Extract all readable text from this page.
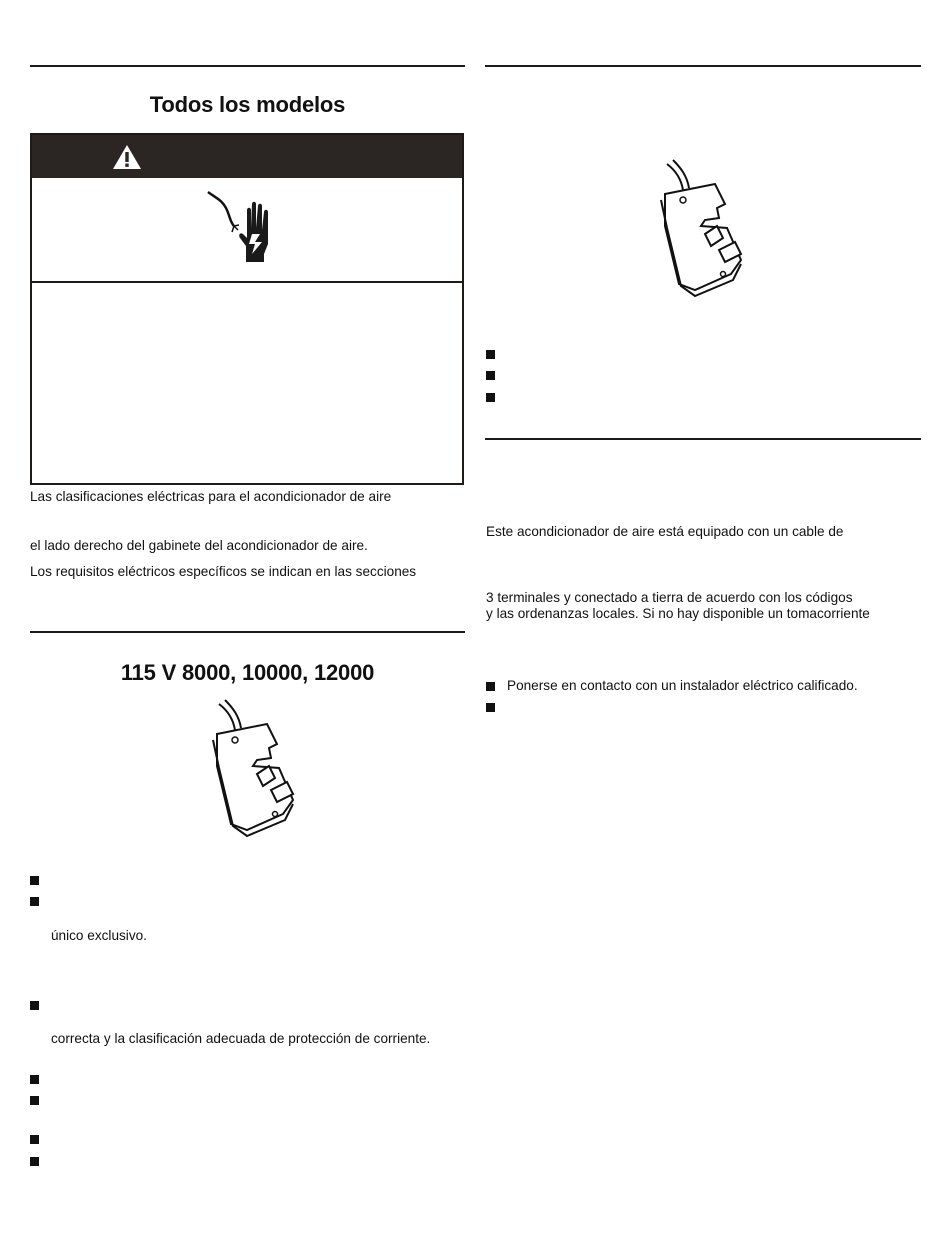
Todos los modelos
Las clasificaciones eléctricas para el acondicionador de aire
el lado derecho del gabinete del acondicionador de aire.
Los requisitos eléctricos específicos se indican en las secciones
115 V 8000, 10000, 12000
único exclusivo.
correcta y la clasificación adecuada de protección de corriente.
Este acondicionador de aire está equipado con un cable de
3 terminales y conectado a tierra de acuerdo con los códigos
y las ordenanzas locales. Si no hay disponible un tomacorriente
Ponerse en contacto con un instalador eléctrico calificado.
